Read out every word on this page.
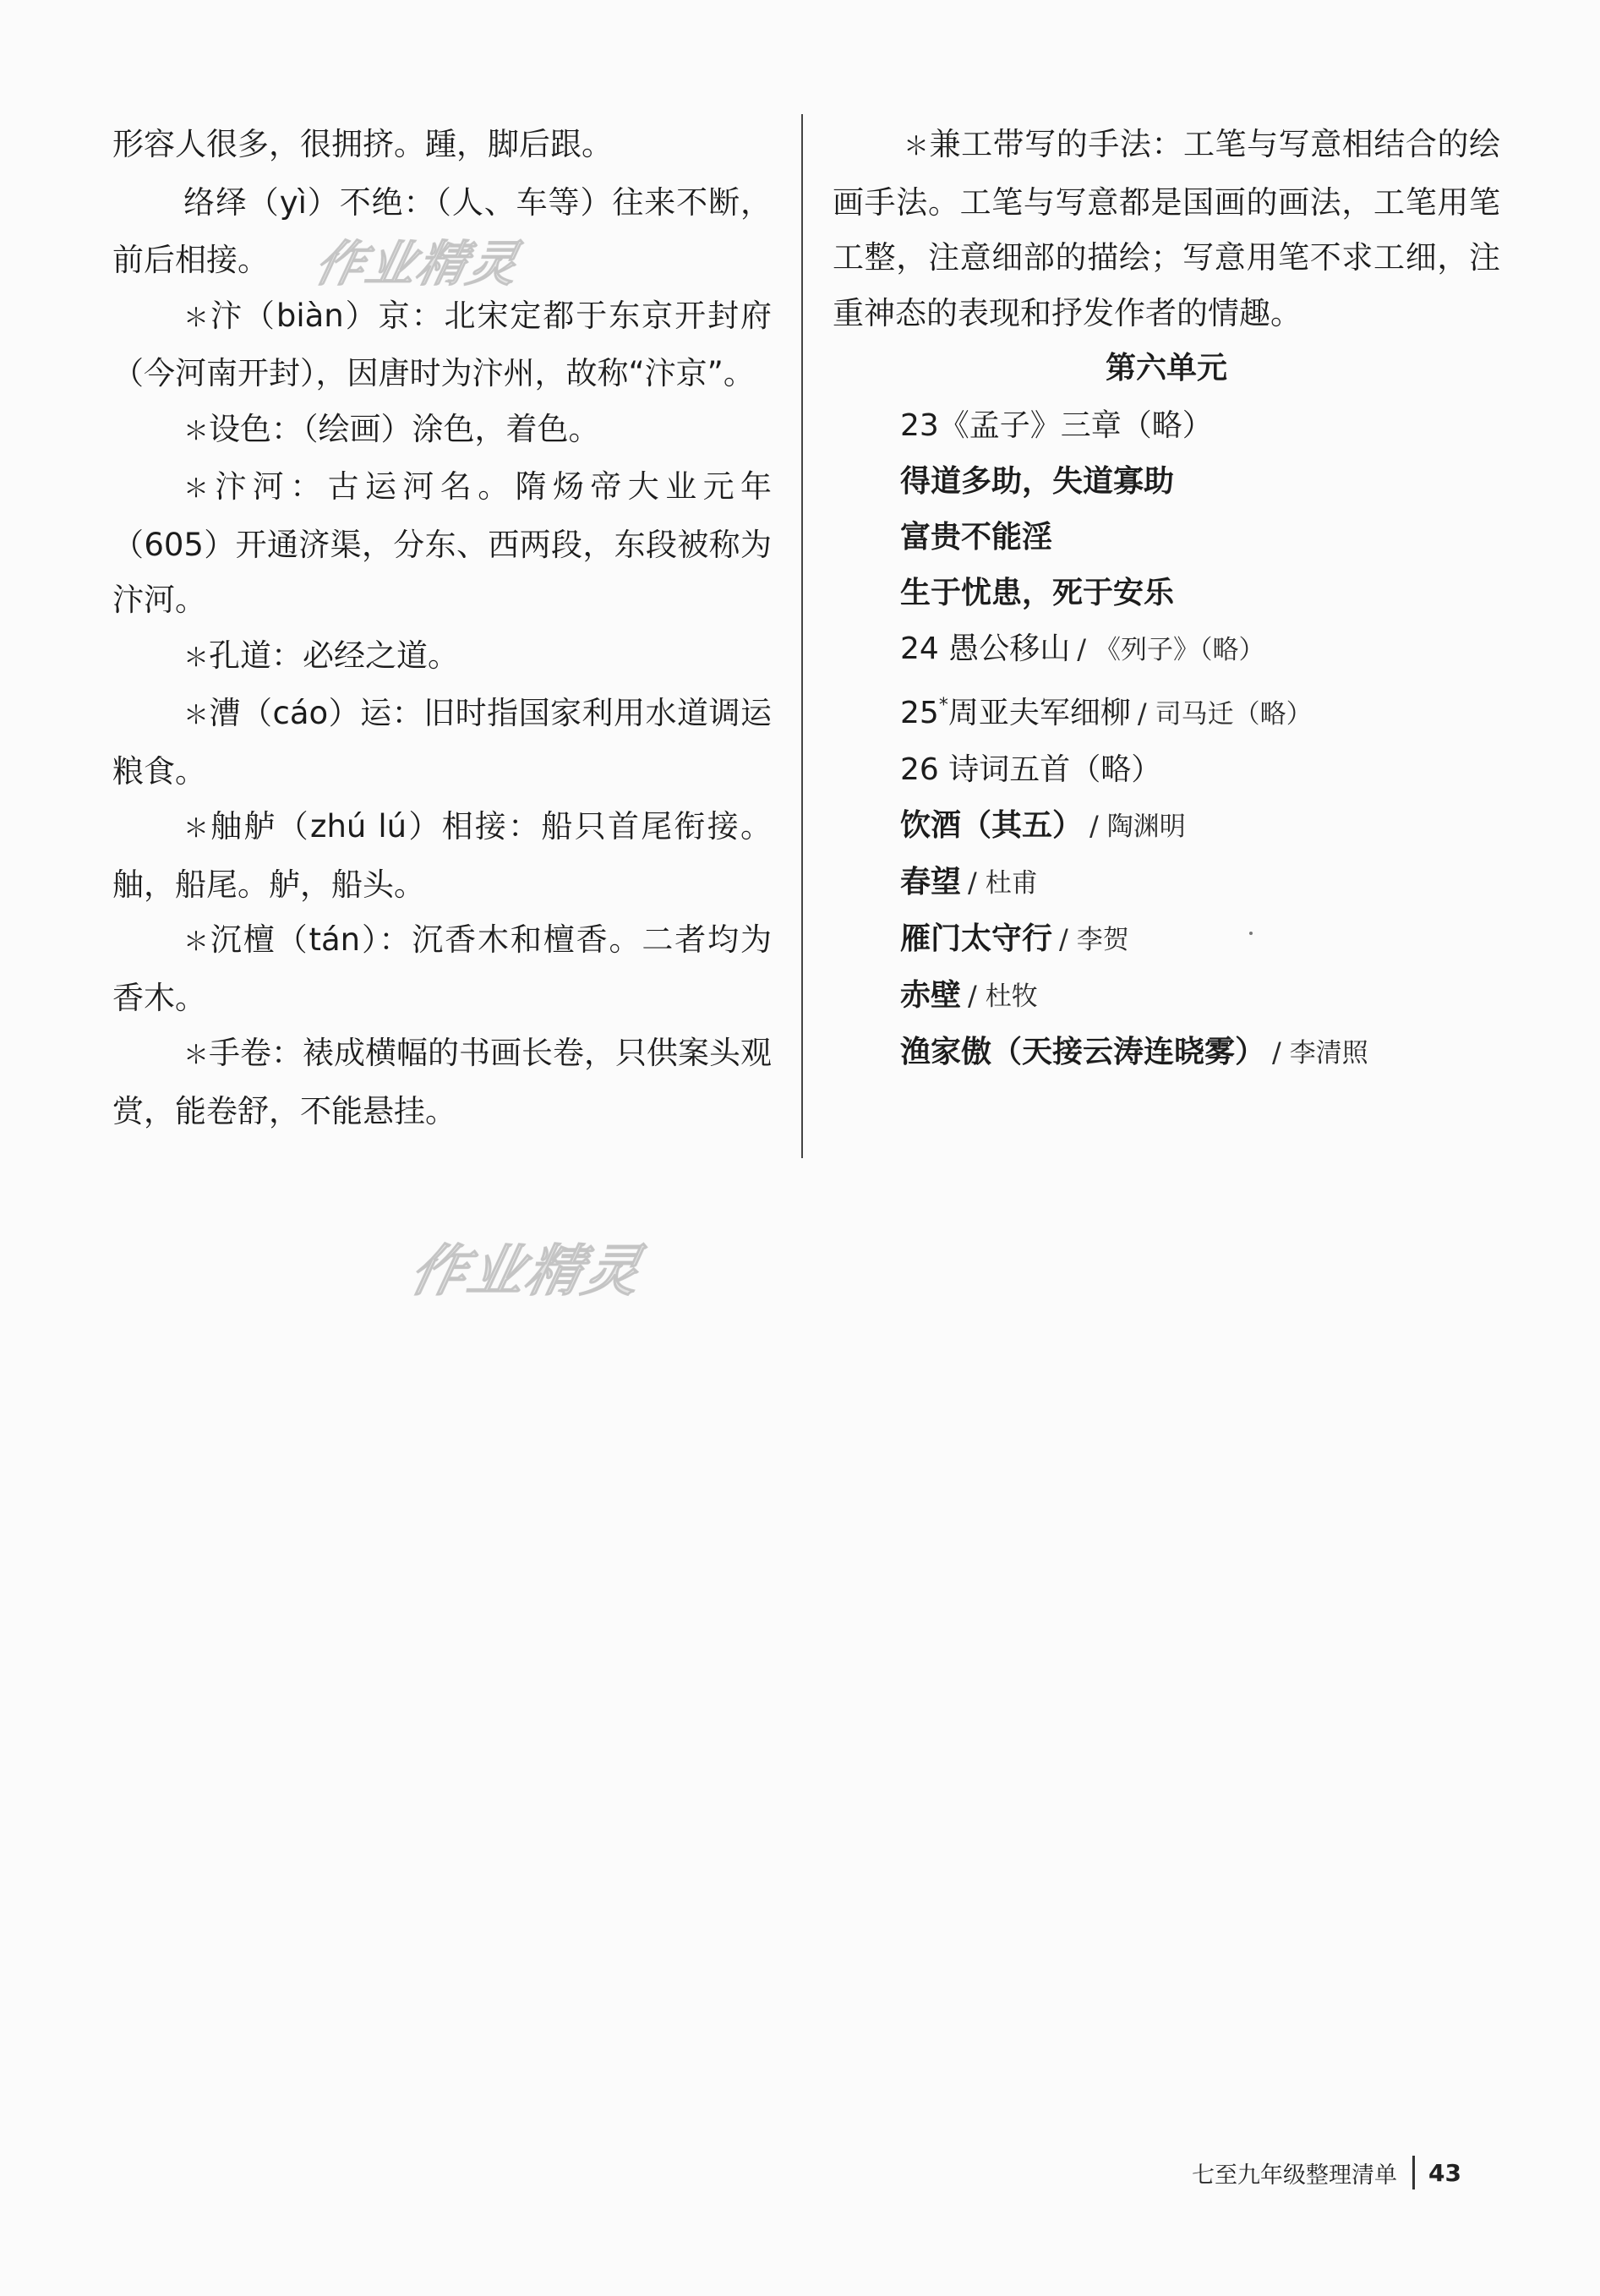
作业精灵
作业精灵

形容人很多，很拥挤。踵，脚后跟。

络绎（yì）不绝：（人、车等）往来不断，前后相接。

＊汴（biàn）京：北宋定都于东京开封府（今河南开封），因唐时为汴州，故称“汴京”。

＊设色：（绘画）涂色，着色。

＊汴河：古运河名。隋炀帝大业元年（605）开通济渠，分东、西两段，东段被称为汴河。

＊孔道：必经之道。

＊漕（cáo）运：旧时指国家利用水道调运粮食。

＊舳舻（zhú lú）相接：船只首尾衔接。舳，船尾。舻，船头。

＊沉檀（tán）：沉香木和檀香。二者均为香木。

＊手卷：裱成横幅的书画长卷，只供案头观赏，能卷舒，不能悬挂。

＊兼工带写的手法：工笔与写意相结合的绘画手法。工笔与写意都是国画的画法，工笔用笔工整，注意细部的描绘；写意用笔不求工细，注重神态的表现和抒发作者的情趣。

第六单元

23《孟子》三章（略）

得道多助，失道寡助

富贵不能淫

生于忧患，死于安乐

24 愚公移山 / 《列子》（略）

25*周亚夫军细柳 / 司马迁（略）

26 诗词五首（略）

饮酒（其五） / 陶渊明

春望 / 杜甫

雁门太守行 / 李贺

赤壁 / 杜牧

渔家傲（天接云涛连晓雾） / 李清照

七至九年级整理清单 43
